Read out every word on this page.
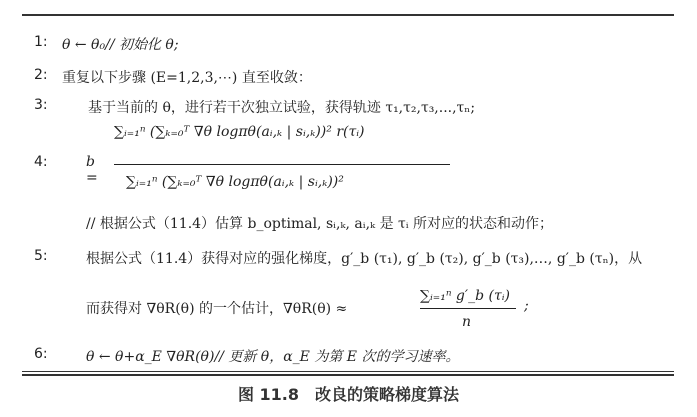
1: θ ← θ₀// 初始化 θ;
2: 重复以下步骤 (E=1,2,3,⋯) 直至收敛：
3:	基于当前的 θ，进行若干次独立试验，获得轨迹 τ₁,τ₂,τ₃,...,τₙ;
4:	b =
∑ᵢ₌₁ⁿ (∑ₖ₌₀ᵀ ∇θ logπθ(aᵢ,ₖ | sᵢ,ₖ))² r(τᵢ)
∑ᵢ₌₁ⁿ (∑ₖ₌₀ᵀ ∇θ logπθ(aᵢ,ₖ | sᵢ,ₖ))²
// 根据公式（11.4）估算 b_optimal, sᵢ,ₖ, aᵢ,ₖ 是 τᵢ 所对应的状态和动作；
5:	根据公式（11.4）获得对应的强化梯度，g′_b (τ₁), g′_b (τ₂), g′_b (τ₃),…, g′_b (τₙ)，从
而获得对 ∇θR(θ) 的一个估计，∇θR(θ) ≈
∑ᵢ₌₁ⁿ g′_b (τᵢ)
n
;
6:	θ ← θ+α_E ∇θR(θ)// 更新 θ，α_E 为第 E 次的学习速率。
图 11.8　改良的策略梯度算法
